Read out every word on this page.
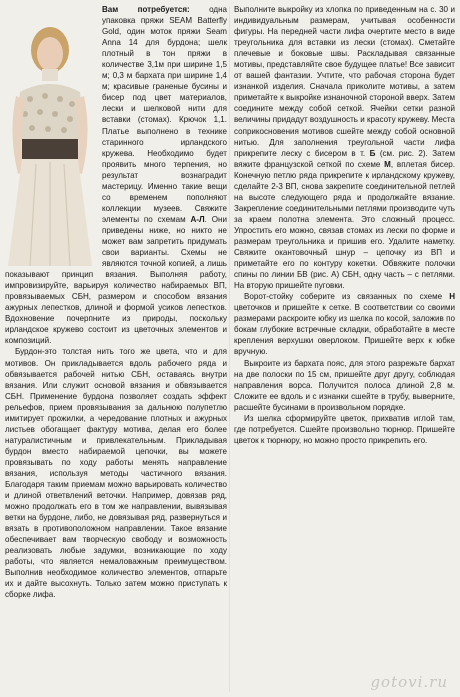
Вам потребуется: одна упаковка пряжи SEAM Batterfly Gold, один моток пряжи Seam Anna 14 для бурдона; шелк плотный в тон пряжи в количестве 3,1м при ширине 1,5 м; 0,3 м бархата при ширине 1,4 м; красивые граненые бусины и бисер под цвет материалов, лески и шелковой нити для вставки (стомах). Крючок 1,1. Платье выполнено в технике старинного ирландского кружева. Необходимо будет проявить много терпения, но результат вознаградит мастерицу. Именно такие вещи со временем пополняют коллекции музеев. Свяжите элементы по схемам А-Л. Они приведены ниже, но никто не может вам запретить придумать свои варианты. Схемы не являются точной копией, а лишь показывают принцип вязания. Выполняя работу, импровизируйте, варьируя количество набираемых ВП, провязываемых СБН, размером и способом вязания ажурных лепестков, длиной и формой усиков лепестков. Вдохновение почерпните из природы, поскольку ирландское кружево состоит из цветочных элементов и композиций.

Бурдон-это толстая нить того же цвета, что и для мотивов. Он прикладывается вдоль рабочего ряда и обвязывается рабочей нитью СБН, оставаясь внутри вязания. Или служит основой вязания и обвязывается СБН. Применение бурдона позволяет создать эффект рельефов, прием провязывания за дальнюю полупетлю имитирует прожилки, а чередование плотных и ажурных листьев обогащает фактуру мотива, делая его более натуралистичным и привлекательным. Прикладывая бурдон вместо набираемой цепочки, вы можете провязывать по ходу работы менять направление вязания, используя методы частичного вязания. Благодаря таким приемам можно варьировать количество и длиной ответвлений веточки. Например, довязав ряд, можно продолжать его в том же направлении, вывязывая ветки на бурдоне, либо, не довязывая ряд, развернуться и вязать в противоположном направлении. Такое вязание обеспечивает вам творческую свободу и возможность реализовать любые задумки, возникающие по ходу работы, что является немаловажным преимуществом. Выполнив необходимое количество элементов, отпарьте их и дайте высохнуть. Только затем можно приступать к сборке лифа.

Выполните выкройку из хлопка по приведенным на с. 30 и индивидуальным размерам, учитывая особенности фигуры. На передней части лифа очертите место в виде треугольника для вставки из лески (стомах). Сметайте плечевые и боковые швы. Раскладывая связанные мотивы, представляйте свое будущее платье! Все зависит от вашей фантазии. Учтите, что рабочая сторона будет изнанкой изделия. Сначала приколите мотивы, а затем приметайте к выкройке изнаночной стороной вверх. Затем соедините между собой сеткой. Ячейки сетки разной величины придадут воздушность и красоту кружеву. Места соприкосновения мотивов сшейте между собой основной нитью. Для заполнения треугольной части лифа прикрепите леску с бисером в т. Б (см. рис. 2). Затем вяжите французской сеткой по схеме М, вплетая бисер. Конечную петлю ряда прикрепите к ирландскому кружеву, сделайте 2-3 ВП, снова закрепите соединительной петлей на высоте следующего ряда и продолжайте вязание. Закрепление соединительными петлями производите чуть за краем полотна элемента. Это сложный процесс. Упростить его можно, связав стомах из лески по форме и размерам треугольника и пришив его. Удалите наметку. Свяжите окантовочный шнур – цепочку из ВП и приметайте его по контуру кокетки. Обвяжите полочки спины по линии БВ (рис. А) СБН, одну часть – с петлями. На вторую пришейте пуговки.

Ворот-стойку соберите из связанных по схеме Н цветочков и пришейте к сетке. В соответствии со своими размерами раскроите юбку из шелка по косой, заложив по бокам глубокие встречные складки, обработайте в месте крепления верхушки оверлоком. Пришейте верх к юбке вручную.

Выкроите из бархата пояс, для этого разрежьте бархат на две полоски по 15 см, пришейте друг другу, соблюдая направления ворса. Получится полоса длиной 2,8 м. Сложите ее вдоль и с изнанки сшейте в трубу, выверните, расшейте бусинами в произвольном порядке.

Из шелка сформируйте цветок, прихватив иглой там, где потребуется. Сшейте произвольно тюрнюр. Пришейте цветок к тюрнюру, но можно просто прикрепить его.

gotovi.ru
